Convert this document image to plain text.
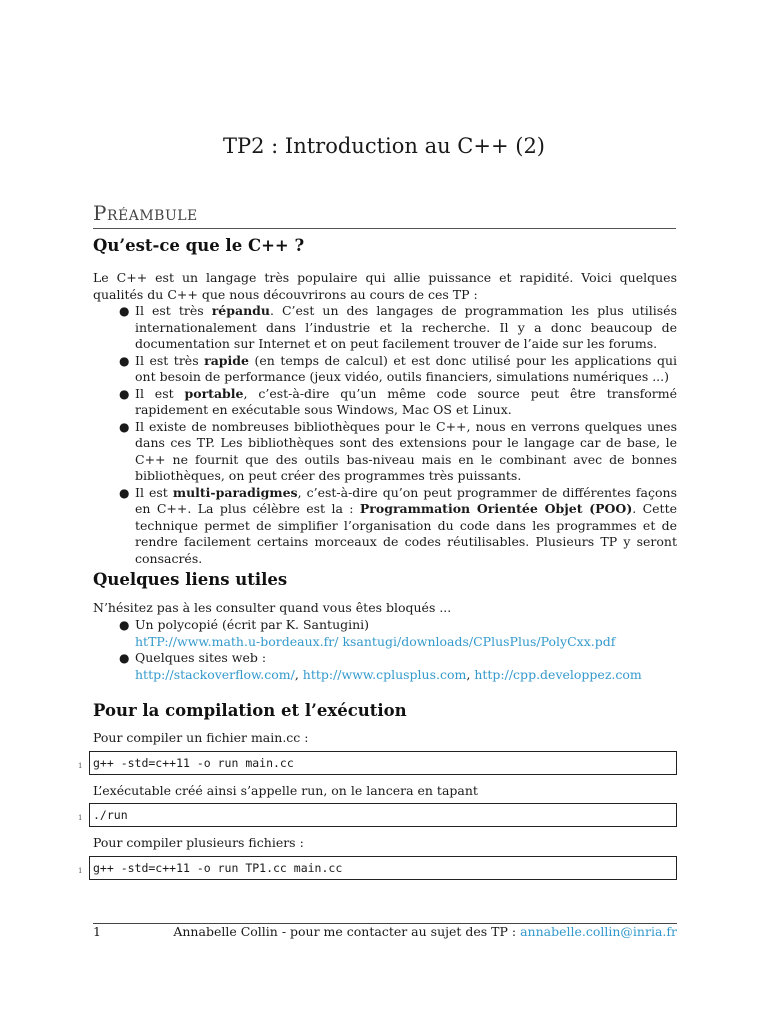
TP2 : Introduction au C++ (2)
Préambule
Qu’est-ce que le C++ ?
Le C++ est un langage très populaire qui allie puissance et rapidité. Voici quelques qualités du C++ que nous découvrirons au cours de ces TP :
● Il est très répandu. C’est un des langages de programmation les plus utilisés internationalement dans l’industrie et la recherche. Il y a donc beaucoup de documentation sur Internet et on peut facilement trouver de l’aide sur les forums.
● Il est très rapide (en temps de calcul) et est donc utilisé pour les applications qui ont besoin de performance (jeux vidéo, outils financiers, simulations numériques ...)
● Il est portable, c’est-à-dire qu’un même code source peut être transformé rapidement en exécutable sous Windows, Mac OS et Linux.
● Il existe de nombreuses bibliothèques pour le C++, nous en verrons quelques unes dans ces TP. Les bibliothèques sont des extensions pour le langage car de base, le C++ ne fournit que des outils bas-niveau mais en le combinant avec de bonnes bibliothèques, on peut créer des programmes très puissants.
● Il est multi-paradigmes, c’est-à-dire qu’on peut programmer de différentes façons en C++. La plus célèbre est la : Programmation Orientée Objet (POO). Cette technique permet de simplifier l’organisation du code dans les programmes et de rendre facilement certains morceaux de codes réutilisables. Plusieurs TP y seront consacrés.
Quelques liens utiles
N’hésitez pas à les consulter quand vous êtes bloqués ...
● Un polycopié (écrit par K. Santugini)
htTP://www.math.u-bordeaux.fr/ ksantugi/downloads/CPlusPlus/PolyCxx.pdf
● Quelques sites web :
http://stackoverflow.com/, http://www.cplusplus.com, http://cpp.developpez.com
Pour la compilation et l’exécution
Pour compiler un fichier main.cc :
1 g++ -std=c++11 -o run main.cc
L’exécutable créé ainsi s’appelle run, on le lancera en tapant
1 ./run
Pour compiler plusieurs fichiers :
1 g++ -std=c++11 -o run TP1.cc main.cc
1	Annabelle Collin - pour me contacter au sujet des TP : annabelle.collin@inria.fr
